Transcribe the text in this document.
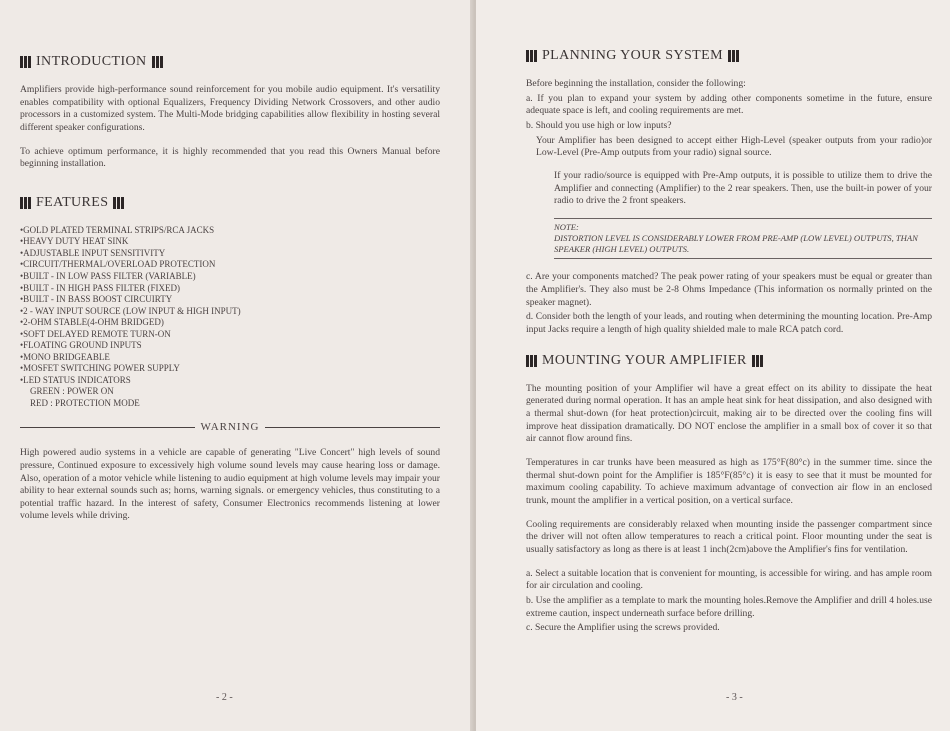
INTRODUCTION

Amplifiers provide high-performance sound reinforcement for you mobile audio equipment. It's versatility enables compatibility with optional Equalizers, Frequency Dividing Network Crossovers, and other audio processors in a customized system. The Multi-Mode bridging capabilities allow flexibility in hosting several different speaker configurations.

To achieve optimum performance, it is highly recommended that you read this Owners Manual before beginning installation.

FEATURES
• GOLD PLATED TERMINAL STRIPS/RCA JACKS
• HEAVY DUTY HEAT SINK
• ADJUSTABLE INPUT SENSITIVITY
• CIRCUIT/THERMAL/OVERLOAD PROTECTION
• BUILT - IN LOW PASS FILTER (VARIABLE)
• BUILT - IN HIGH PASS FILTER (FIXED)
• BUILT - IN BASS BOOST CIRCUIRTY
• 2 - WAY INPUT SOURCE (LOW INPUT & HIGH INPUT)
• 2-OHM STABLE(4-OHM BRIDGED)
• SOFT DELAYED REMOTE TURN-ON
• FLOATING GROUND INPUTS
• MONO BRIDGEABLE
• MOSFET SWITCHING POWER SUPPLY
• LED STATUS INDICATORS
GREEN : POWER ON
RED : PROTECTION MODE
WARNING

High powered audio systems in a vehicle are capable of generating "Live Concert" high levels of sound pressure, Continued exposure to excessively high volume sound levels may cause hearing loss or damage. Also, operation of a motor vehicle while listening to audio equipment at high volume levels may impair your ability to hear external sounds such as; horns, warning signals. or emergency vehicles, thus constituting to a potential traffic hazard. In the interest of safety, Consumer Electronics recommends listening at lower volume levels while driving.

- 2 -
PLANNING YOUR SYSTEM
Before beginning the installation, consider the following:
a. If you plan to expand your system by adding other components sometime in the future, ensure adequate space is left, and cooling requirements are met.
b. Should you use high or low inputs?
Your Amplifier has been designed to accept either High-Level (speaker outputs from your radio)or Low-Level (Pre-Amp outputs from your radio) signal source.
If your radio/source is equipped with Pre-Amp outputs, it is possible to utilize them to drive the Amplifier and connecting (Amplifier) to the 2 rear speakers. Then, use the built-in power of your radio to drive the 2 front speakers.
NOTE:
DISTORTION LEVEL IS CONSIDERABLY LOWER FROM PRE-AMP (LOW LEVEL) OUTPUTS, THAN SPEAKER (HIGH LEVEL) OUTPUTS.
c. Are your components matched? The peak power rating of your speakers must be equal or greater than the Amplifier's. They also must be 2-8 Ohms Impedance (This information os normally printed on the speaker magnet).
d. Consider both the length of your leads, and routing when determining the mounting location. Pre-Amp input Jacks require a length of high quality shielded male to male RCA patch cord.
MOUNTING YOUR AMPLIFIER

The mounting position of your Amplifier wil have a great effect on its ability to dissipate the heat generated during normal operation. It has an ample heat sink for heat dissipation, and also designed with a thermal shut-down (for heat protection)circuit, making air to be directed over the cooling fins will improve heat dissipation dramatically. DO NOT enclose the amplifier in a small box of cover it so that air cannot flow around fins.

Temperatures in car trunks have been measured as high as 175°F(80°c) in the summer time. since the thermal shut-down point for the Amplifier is 185°F(85°c) it is easy to see that it must be mounted for maximum cooling capability. To achieve maximum advantage of convection air flow in an enclosed trunk, mount the amplifier in a vertical position, on a vertical surface.

Cooling requirements are considerably relaxed when mounting inside the passenger compartment since the driver will not often allow temperatures to reach a critical point. Floor mounting under the seat is usually satisfactory as long as there is at least 1 inch(2cm)above the Amplifier's fins for ventilation.

a. Select a suitable location that is convenient for mounting, is accessible for wiring. and has ample room for air circulation and cooling.
b. Use the amplifier as a template to mark the mounting holes.Remove the Amplifier and drill 4 holes.use extreme caution, inspect underneath surface before drilling.
c. Secure the Amplifier using the screws provided.
- 3 -
